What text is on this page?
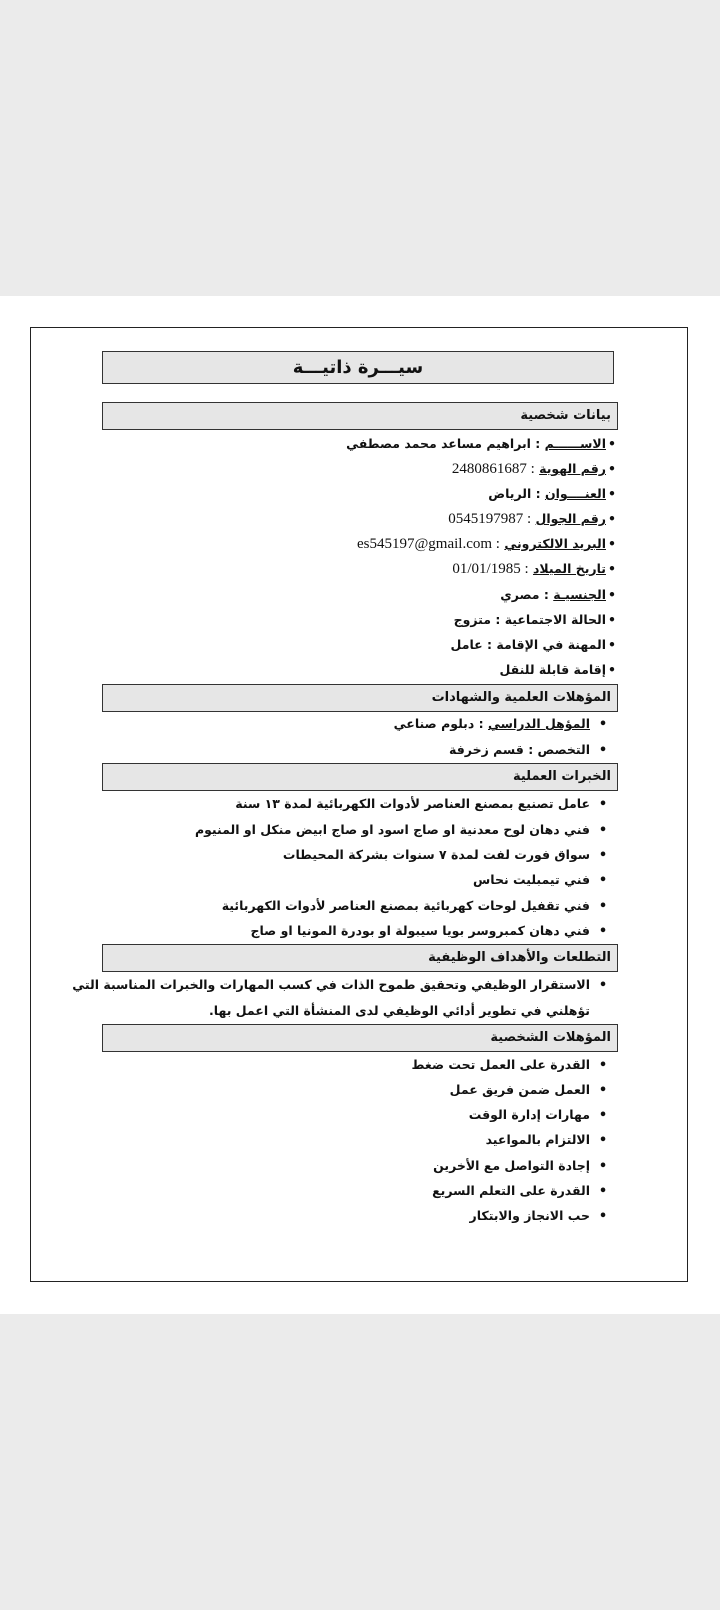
سيـــرة ذاتيـــة
بيانات شخصية
•الاســــــم : ابراهيم مساعد محمد مصطفي
•رقم الهوية : 2480861687
•العنــــوان : الرياض
•رقم الجوال : 0545197987
•البريد الالكتروني : es545197@gmail.com
•تاريخ الميلاد : 01/01/1985
•الجنسيـة : مصري
•الحالة الاجتماعية : متزوج
•المهنة في الإقامة : عامل
•إقامة قابلة للنقل
المؤهلات العلمية والشهادات
•المؤهل الدراسي : دبلوم صناعي
•التخصص : قسم زخرفة
الخبرات العملية
•عامل تصنيع بمصنع العناصر لأدوات الكهربائية لمدة ١٣ سنة
•فني دهان لوح معدنية او صاج اسود او صاج ابيض منكل او المنيوم
•سواق فورت لفت لمدة ٧ سنوات بشركة المحيطات
•فني تيمبليت نحاس
•فني تقفيل لوحات كهربائية بمصنع العناصر لأدوات الكهربائية
•فني دهان كمبروسر بويا سيبولة او بودرة المونيا او صاج
التطلعات والأهداف الوظيفية
•الاستقرار الوظيفي وتحقيق طموح الذات في كسب المهارات والخبرات المناسبة التي
تؤهلني في تطوير أدائي الوظيفي لدى المنشأة التي اعمل بها.
المؤهلات الشخصية
•القدرة على العمل تحت ضغط
•العمل ضمن فريق عمل
•مهارات إدارة الوقت
•الالتزام بالمواعيد
•إجادة التواصل مع الأخرين
•القدرة على التعلم السريع
•حب الانجاز والابتكار
